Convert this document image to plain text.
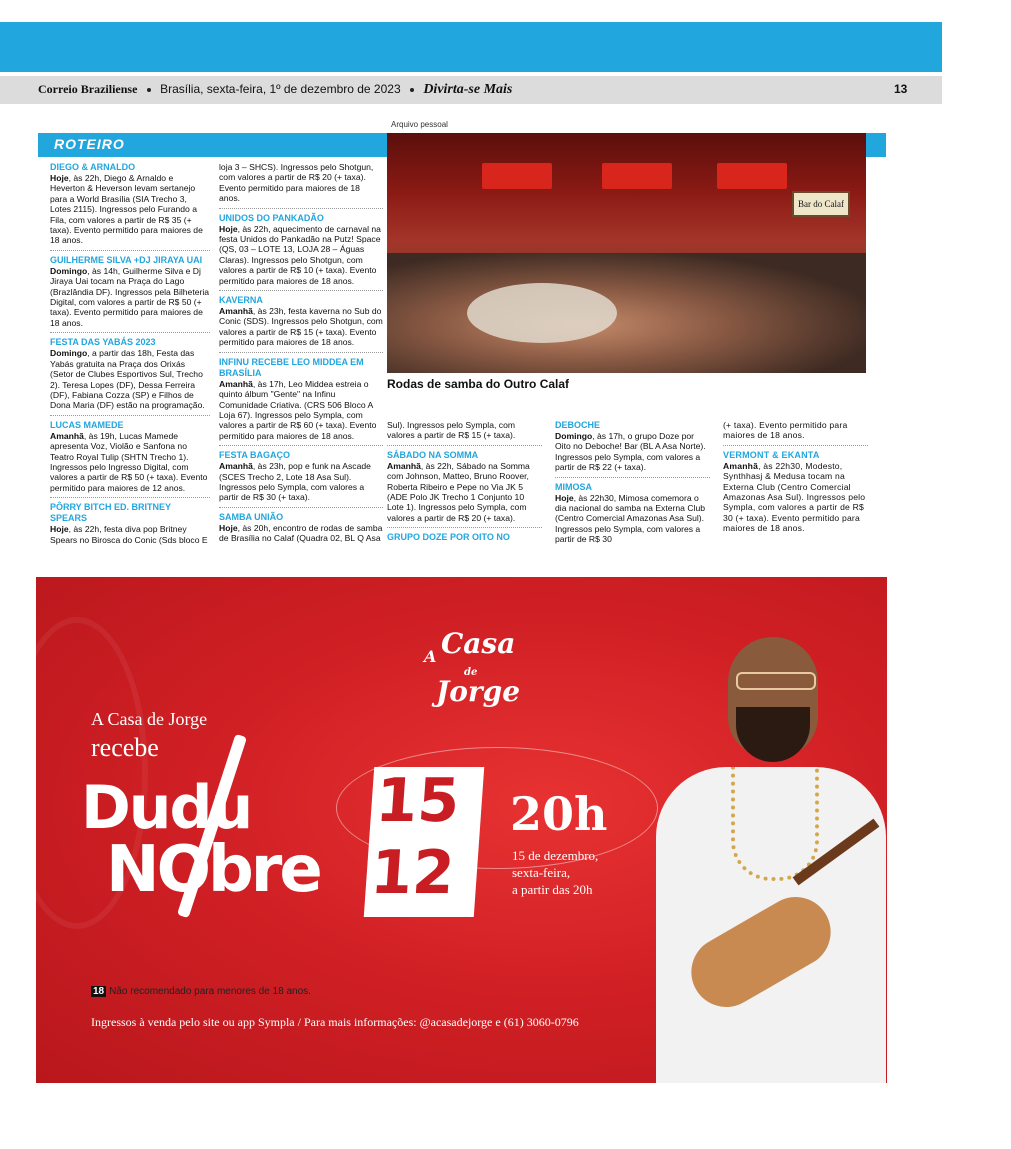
Correio Braziliense Brasília, sexta-feira, 1º de dezembro de 2023 Divirta-se Mais	13
Arquivo pessoal
ROTEIRO
Bar do Calaf
Rodas de samba do Outro Calaf
DIEGO & ARNALDO
Hoje, às 22h, Diego & Arnaldo e Heverton & Heverson levam sertanejo para a World Brasília (SIA Trecho 3, Lotes 2115). Ingressos pelo Furando a Fila, com valores a partir de R$ 35 (+ taxa). Evento permitido para maiores de 18 anos.
GUILHERME SILVA +DJ JIRAYA UAI
Domingo, às 14h, Guilherme Silva e Dj Jiraya Uai tocam na Praça do Lago (Brazlândia DF). Ingressos pela Bilheteria Digital, com valores a partir de R$ 50 (+ taxa). Evento permitido para maiores de 18 anos.
FESTA DAS YABÁS 2023
Domingo, a partir das 18h, Festa das Yabás gratuita na Praça dos Orixás (Setor de Clubes Esportivos Sul, Trecho 2). Teresa Lopes (DF), Dessa Ferreira (DF), Fabiana Cozza (SP) e Filhos de Dona Maria (DF) estão na programação.
LUCAS MAMEDE
Amanhã, às 19h, Lucas Mamede apresenta Voz, Violão e Sanfona no Teatro Royal Tulip (SHTN Trecho 1). Ingressos pelo Ingresso Digital, com valores a partir de R$ 50 (+ taxa). Evento permitido para maiores de 12 anos.
PÔRRY BITCH ED. BRITNEY SPEARS
Hoje, às 22h, festa diva pop Britney Spears no Birosca do Conic (Sds bloco E
loja 3 – SHCS). Ingressos pelo Shotgun, com valores a partir de R$ 20 (+ taxa). Evento permitido para maiores de 18 anos.
UNIDOS DO PANKADÃO
Hoje, às 22h, aquecimento de carnaval na festa Unidos do Pankadão na Putz! Space (QS, 03 – LOTE 13, LOJA 28 – Águas Claras). Ingressos pelo Shotgun, com valores a partir de R$ 10 (+ taxa). Evento permitido para maiores de 18 anos.
KAVERNA
Amanhã, às 23h, festa kaverna no Sub do Conic (SDS). Ingressos pelo Shotgun, com valores a partir de R$ 15 (+ taxa). Evento permitido para maiores de 18 anos.
INFINU RECEBE LEO MIDDEA EM BRASÍLIA
Amanhã, às 17h, Leo Middea estreia o quinto álbum "Gente" na Infinu Comunidade Criativa. (CRS 506 Bloco A Loja 67). Ingressos pelo Sympla, com valores a partir de R$ 60 (+ taxa). Evento permitido para maiores de 18 anos.
FESTA BAGAÇO
Amanhã, às 23h, pop e funk na Ascade (SCES Trecho 2, Lote 18 Asa Sul). Ingressos pelo Sympla, com valores a partir de R$ 30 (+ taxa).
SAMBA UNIÃO
Hoje, às 20h, encontro de rodas de samba de Brasília no Calaf (Quadra 02, BL Q Asa
Sul). Ingressos pelo Sympla, com valores a partir de R$ 15 (+ taxa).
SÁBADO NA SOMMA
Amanhã, às 22h, Sábado na Somma com Johnson, Matteo, Bruno Roover, Roberta Ribeiro e Pepe no Via JK 5 (ADE Polo JK Trecho 1 Conjunto 10 Lote 1). Ingressos pelo Sympla, com valores a partir de R$ 20 (+ taxa).
GRUPO DOZE POR OITO NO
DEBOCHE
Domingo, às 17h, o grupo Doze por Oito no Deboche! Bar (BL A Asa Norte). Ingressos pelo Sympla, com valores a partir de R$ 22 (+ taxa).
MIMOSA
Hoje, às 22h30, Mimosa comemora o dia nacional do samba na Externa Club (Centro Comercial Amazonas Asa Sul). Ingressos pelo Sympla, com valores a partir de R$ 30
(+ taxa). Evento permitido para maiores de 18 anos.
VERMONT & EKANTA
Amanhã, às 22h30, Modesto, Synthhasj & Medusa tocam na Externa Club (Centro Comercial Amazonas Asa Sul). Ingressos pelo Sympla, com valores a partir de R$ 30 (+ taxa). Evento permitido para maiores de 18 anos.
A Casa
de
Jorge
A Casa de Jorge
recebe
Dudu
NObre
15
12
20h
15 de dezembro,
sexta-feira,
a partir das 20h
18 Não recomendado para menores de 18 anos.
Ingressos à venda pelo site ou app Sympla / Para mais informações: @acasadejorge e (61) 3060-0796
